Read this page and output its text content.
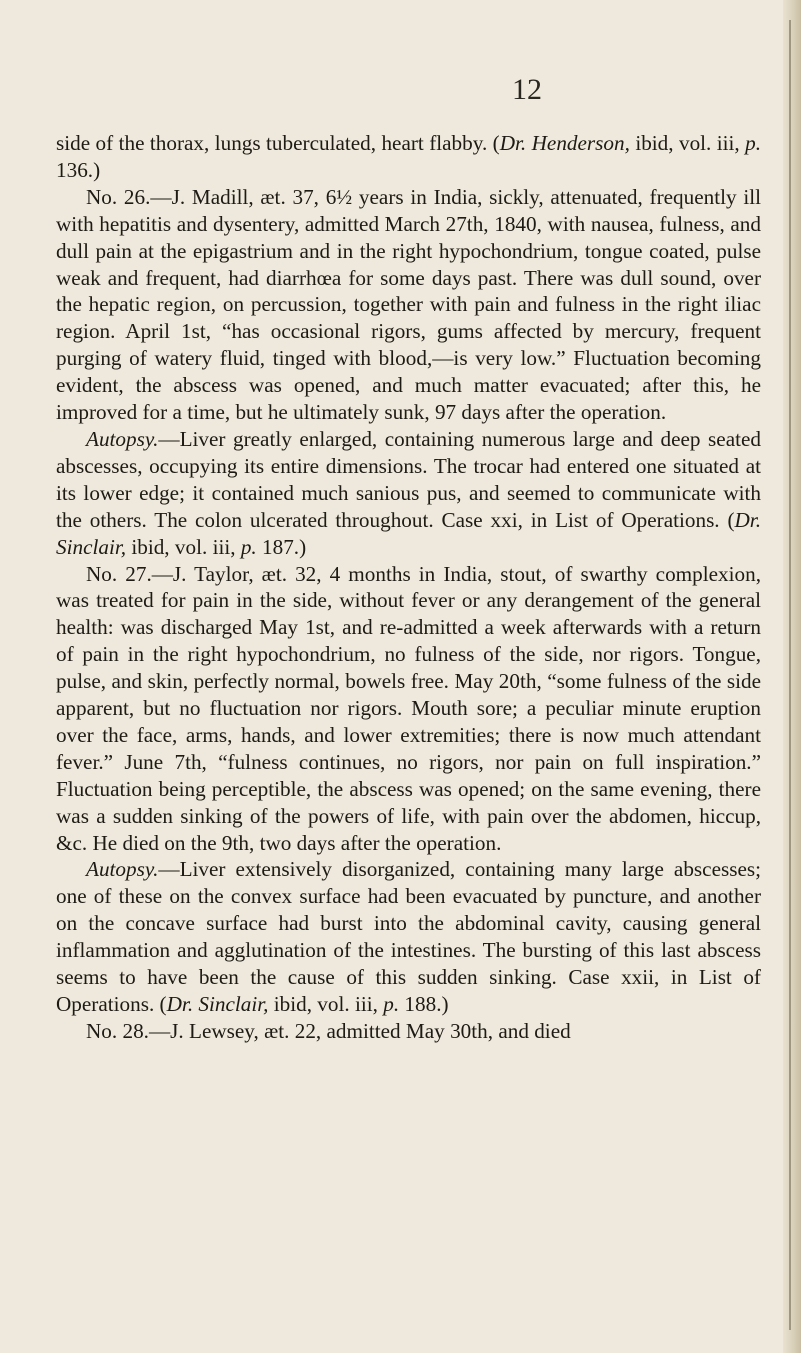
12

side of the thorax, lungs tuberculated, heart flabby. (Dr. Henderson, ibid, vol. iii, p. 136.)

No. 26.—J. Madill, æt. 37, 6½ years in India, sickly, attenuated, frequently ill with hepatitis and dysentery, admitted March 27th, 1840, with nausea, fulness, and dull pain at the epigastrium and in the right hypochondrium, tongue coated, pulse weak and frequent, had diarrhœa for some days past. There was dull sound, over the hepatic region, on percussion, together with pain and fulness in the right iliac region. April 1st, “has occasional rigors, gums affected by mercury, frequent purging of watery fluid, tinged with blood,—is very low.” Fluctuation becoming evident, the abscess was opened, and much matter evacuated; after this, he improved for a time, but he ultimately sunk, 97 days after the operation.

Autopsy.—Liver greatly enlarged, containing numerous large and deep seated abscesses, occupying its entire dimensions. The trocar had entered one situated at its lower edge; it contained much sanious pus, and seemed to communicate with the others. The colon ulcerated throughout. Case xxi, in List of Operations. (Dr. Sinclair, ibid, vol. iii, p. 187.)

No. 27.—J. Taylor, æt. 32, 4 months in India, stout, of swarthy complexion, was treated for pain in the side, without fever or any derangement of the general health: was discharged May 1st, and re-admitted a week afterwards with a return of pain in the right hypochondrium, no fulness of the side, nor rigors. Tongue, pulse, and skin, perfectly normal, bowels free. May 20th, “some fulness of the side apparent, but no fluctuation nor rigors. Mouth sore; a peculiar minute eruption over the face, arms, hands, and lower extremities; there is now much attendant fever.” June 7th, “fulness continues, no rigors, nor pain on full inspiration.” Fluctuation being perceptible, the abscess was opened; on the same evening, there was a sudden sinking of the powers of life, with pain over the abdomen, hiccup, &c. He died on the 9th, two days after the operation.

Autopsy.—Liver extensively disorganized, containing many large abscesses; one of these on the convex surface had been evacuated by puncture, and another on the concave surface had burst into the abdominal cavity, causing general inflammation and agglutination of the intestines. The bursting of this last abscess seems to have been the cause of this sudden sinking. Case xxii, in List of Operations. (Dr. Sinclair, ibid, vol. iii, p. 188.)

No. 28.—J. Lewsey, æt. 22, admitted May 30th, and died
